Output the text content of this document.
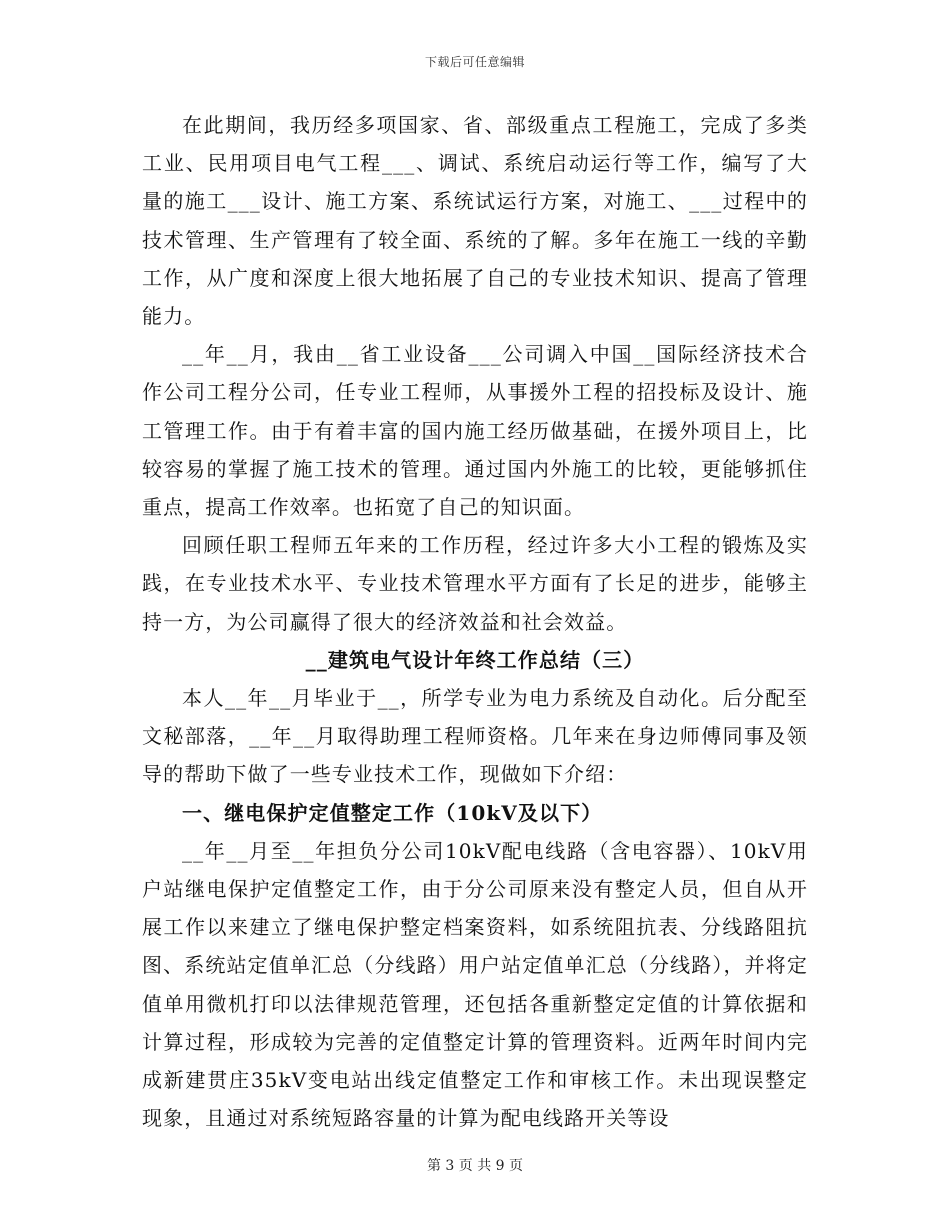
下载后可任意编辑

在此期间，我历经多项国家、省、部级重点工程施工，完成了多类工业、民用项目电气工程___、调试、系统启动运行等工作，编写了大量的施工___设计、施工方案、系统试运行方案，对施工、___过程中的技术管理、生产管理有了较全面、系统的了解。多年在施工一线的辛勤工作，从广度和深度上很大地拓展了自己的专业技术知识、提高了管理能力。

__年__月，我由__省工业设备___公司调入中国__国际经济技术合作公司工程分公司，任专业工程师，从事援外工程的招投标及设计、施工管理工作。由于有着丰富的国内施工经历做基础，在援外项目上，比较容易的掌握了施工技术的管理。通过国内外施工的比较，更能够抓住重点，提高工作效率。也拓宽了自己的知识面。

回顾任职工程师五年来的工作历程，经过许多大小工程的锻炼及实践，在专业技术水平、专业技术管理水平方面有了长足的进步，能够主持一方，为公司赢得了很大的经济效益和社会效益。

__建筑电气设计年终工作总结（三）

本人__年__月毕业于__，所学专业为电力系统及自动化。后分配至文秘部落，__年__月取得助理工程师资格。几年来在身边师傅同事及领导的帮助下做了一些专业技术工作，现做如下介绍：

一、继电保护定值整定工作（10kV及以下）

__年__月至__年担负分公司10kV配电线路（含电容器）、10kV用户站继电保护定值整定工作，由于分公司原来没有整定人员，但自从开展工作以来建立了继电保护整定档案资料，如系统阻抗表、分线路阻抗图、系统站定值单汇总（分线路）用户站定值单汇总（分线路），并将定值单用微机打印以法律规范管理，还包括各重新整定定值的计算依据和计算过程，形成较为完善的定值整定计算的管理资料。近两年时间内完成新建贯庄35kV变电站出线定值整定工作和审核工作。未出现误整定现象，且通过对系统短路容量的计算为配电线路开关等设

第 3 页 共 9 页
